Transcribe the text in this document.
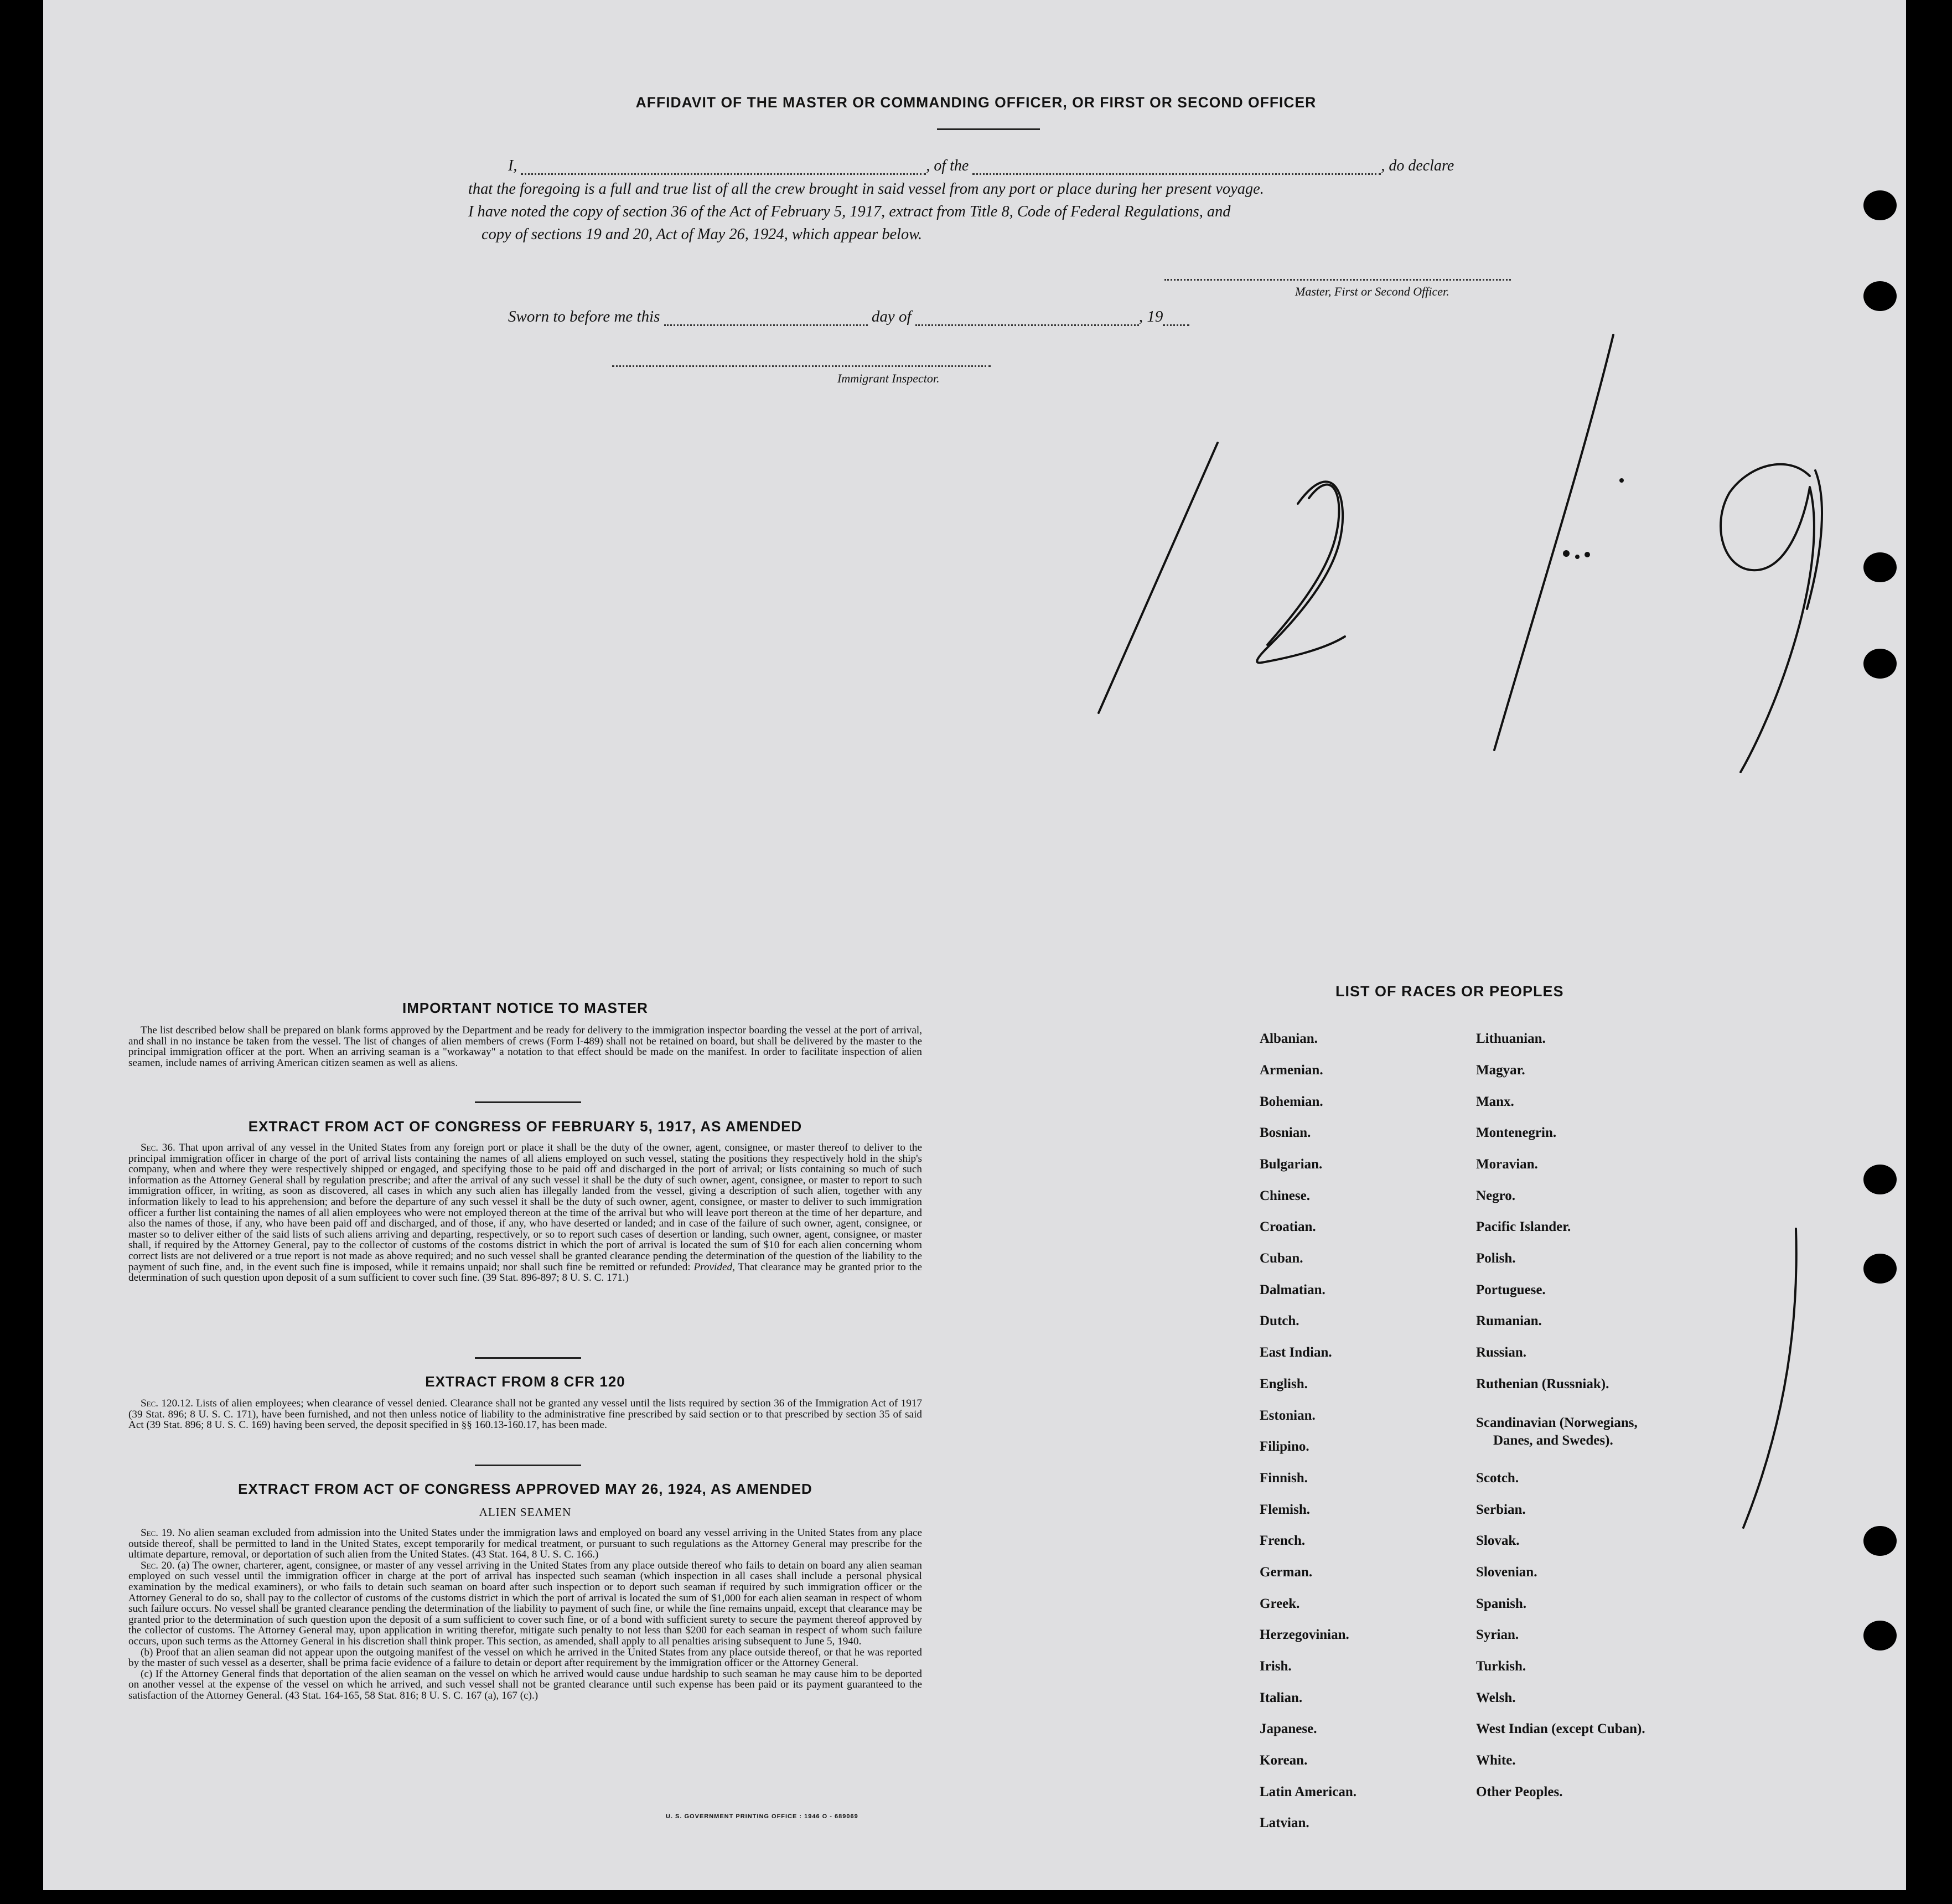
AFFIDAVIT OF THE MASTER OR COMMANDING OFFICER, OR FIRST OR SECOND OFFICER
I,	, of the	, do declare
that the foregoing is a full and true list of all the crew brought in said vessel from any port or place during her present voyage.
I have noted the copy of section 36 of the Act of February 5, 1917, extract from Title 8, Code of Federal Regulations, and
copy of sections 19 and 20, Act of May 26, 1924, which appear below.
Master, First or Second Officer.
Sworn to before me this	day of	, 19
Immigrant Inspector.
IMPORTANT NOTICE TO MASTER

The list described below shall be prepared on blank forms approved by the Department and be ready for delivery to the immigration inspector boarding the vessel at the port of arrival, and shall in no instance be taken from the vessel. The list of changes of alien members of crews (Form I-489) shall not be retained on board, but shall be delivered by the master to the principal immigration officer at the port. When an arriving seaman is a "workaway" a notation to that effect should be made on the manifest. In order to facilitate inspection of alien seamen, include names of arriving American citizen seamen as well as aliens.

EXTRACT FROM ACT OF CONGRESS OF FEBRUARY 5, 1917, AS AMENDED

Sec. 36. That upon arrival of any vessel in the United States from any foreign port or place it shall be the duty of the owner, agent, consignee, or master thereof to deliver to the principal immigration officer in charge of the port of arrival lists containing the names of all aliens employed on such vessel, stating the positions they respectively hold in the ship's company, when and where they were respectively shipped or engaged, and specifying those to be paid off and discharged in the port of arrival; or lists containing so much of such information as the Attorney General shall by regulation prescribe; and after the arrival of any such vessel it shall be the duty of such owner, agent, consignee, or master to report to such immigration officer, in writing, as soon as discovered, all cases in which any such alien has illegally landed from the vessel, giving a description of such alien, together with any information likely to lead to his apprehension; and before the departure of any such vessel it shall be the duty of such owner, agent, consignee, or master to deliver to such immigration officer a further list containing the names of all alien employees who were not employed thereon at the time of the arrival but who will leave port thereon at the time of her departure, and also the names of those, if any, who have been paid off and discharged, and of those, if any, who have deserted or landed; and in case of the failure of such owner, agent, consignee, or master so to deliver either of the said lists of such aliens arriving and departing, respectively, or so to report such cases of desertion or landing, such owner, agent, consignee, or master shall, if required by the Attorney General, pay to the collector of customs of the costoms district in which the port of arrival is located the sum of $10 for each alien concerning whom correct lists are not delivered or a true report is not made as above required; and no such vessel shall be granted clearance pending the determination of the question of the liability to the payment of such fine, and, in the event such fine is imposed, while it remains unpaid; nor shall such fine be remitted or refunded: Provided, That clearance may be granted prior to the determination of such question upon deposit of a sum sufficient to cover such fine. (39 Stat. 896-897; 8 U. S. C. 171.)

EXTRACT FROM 8 CFR 120

Sec. 120.12. Lists of alien employees; when clearance of vessel denied. Clearance shall not be granted any vessel until the lists required by section 36 of the Immigration Act of 1917 (39 Stat. 896; 8 U. S. C. 171), have been furnished, and not then unless notice of liability to the administrative fine prescribed by said section or to that prescribed by section 35 of said Act (39 Stat. 896; 8 U. S. C. 169) having been served, the deposit specified in §§ 160.13-160.17, has been made.

EXTRACT FROM ACT OF CONGRESS APPROVED MAY 26, 1924, AS AMENDED
ALIEN SEAMEN

Sec. 19. No alien seaman excluded from admission into the United States under the immigration laws and employed on board any vessel arriving in the United States from any place outside thereof, shall be permitted to land in the United States, except temporarily for medical treatment, or pursuant to such regulations as the Attorney General may prescribe for the ultimate departure, removal, or deportation of such alien from the United States. (43 Stat. 164, 8 U. S. C. 166.)

Sec. 20. (a) The owner, charterer, agent, consignee, or master of any vessel arriving in the United States from any place outside thereof who fails to detain on board any alien seaman employed on such vessel until the immigration officer in charge at the port of arrival has inspected such seaman (which inspection in all cases shall include a personal physical examination by the medical examiners), or who fails to detain such seaman on board after such inspection or to deport such seaman if required by such immigration officer or the Attorney General to do so, shall pay to the collector of customs of the customs district in which the port of arrival is located the sum of $1,000 for each alien seaman in respect of whom such failure occurs. No vessel shall be granted clearance pending the determination of the liability to payment of such fine, or while the fine remains unpaid, except that clearance may be granted prior to the determination of such question upon the deposit of a sum sufficient to cover such fine, or of a bond with sufficient surety to secure the payment thereof approved by the collector of customs. The Attorney General may, upon application in writing therefor, mitigate such penalty to not less than $200 for each seaman in respect of whom such failure occurs, upon such terms as the Attorney General in his discretion shall think proper. This section, as amended, shall apply to all penalties arising subsequent to June 5, 1940.

(b) Proof that an alien seaman did not appear upon the outgoing manifest of the vessel on which he arrived in the United States from any place outside thereof, or that he was reported by the master of such vessel as a deserter, shall be prima facie evidence of a failure to detain or deport after requirement by the immigration officer or the Attorney General.

(c) If the Attorney General finds that deportation of the alien seaman on the vessel on which he arrived would cause undue hardship to such seaman he may cause him to be deported on another vessel at the expense of the vessel on which he arrived, and such vessel shall not be granted clearance until such expense has been paid or its payment guaranteed to the satisfaction of the Attorney General. (43 Stat. 164-165, 58 Stat. 816; 8 U. S. C. 167 (a), 167 (c).)

U. S. GOVERNMENT PRINTING OFFICE : 1946 O - 689069
LIST OF RACES OR PEOPLES
Albanian.
Armenian.
Bohemian.
Bosnian.
Bulgarian.
Chinese.
Croatian.
Cuban.
Dalmatian.
Dutch.
East Indian.
English.
Estonian.
Filipino.
Finnish.
Flemish.
French.
German.
Greek.
Herzegovinian.
Irish.
Italian.
Japanese.
Korean.
Latin American.
Latvian.
Lithuanian.
Magyar.
Manx.
Montenegrin.
Moravian.
Negro.
Pacific Islander.
Polish.
Portuguese.
Rumanian.
Russian.
Ruthenian (Russniak).
Scandinavian (Norwegians,
Danes, and Swedes).
Scotch.
Serbian.
Slovak.
Slovenian.
Spanish.
Syrian.
Turkish.
Welsh.
West Indian (except Cuban).
White.
Other Peoples.
